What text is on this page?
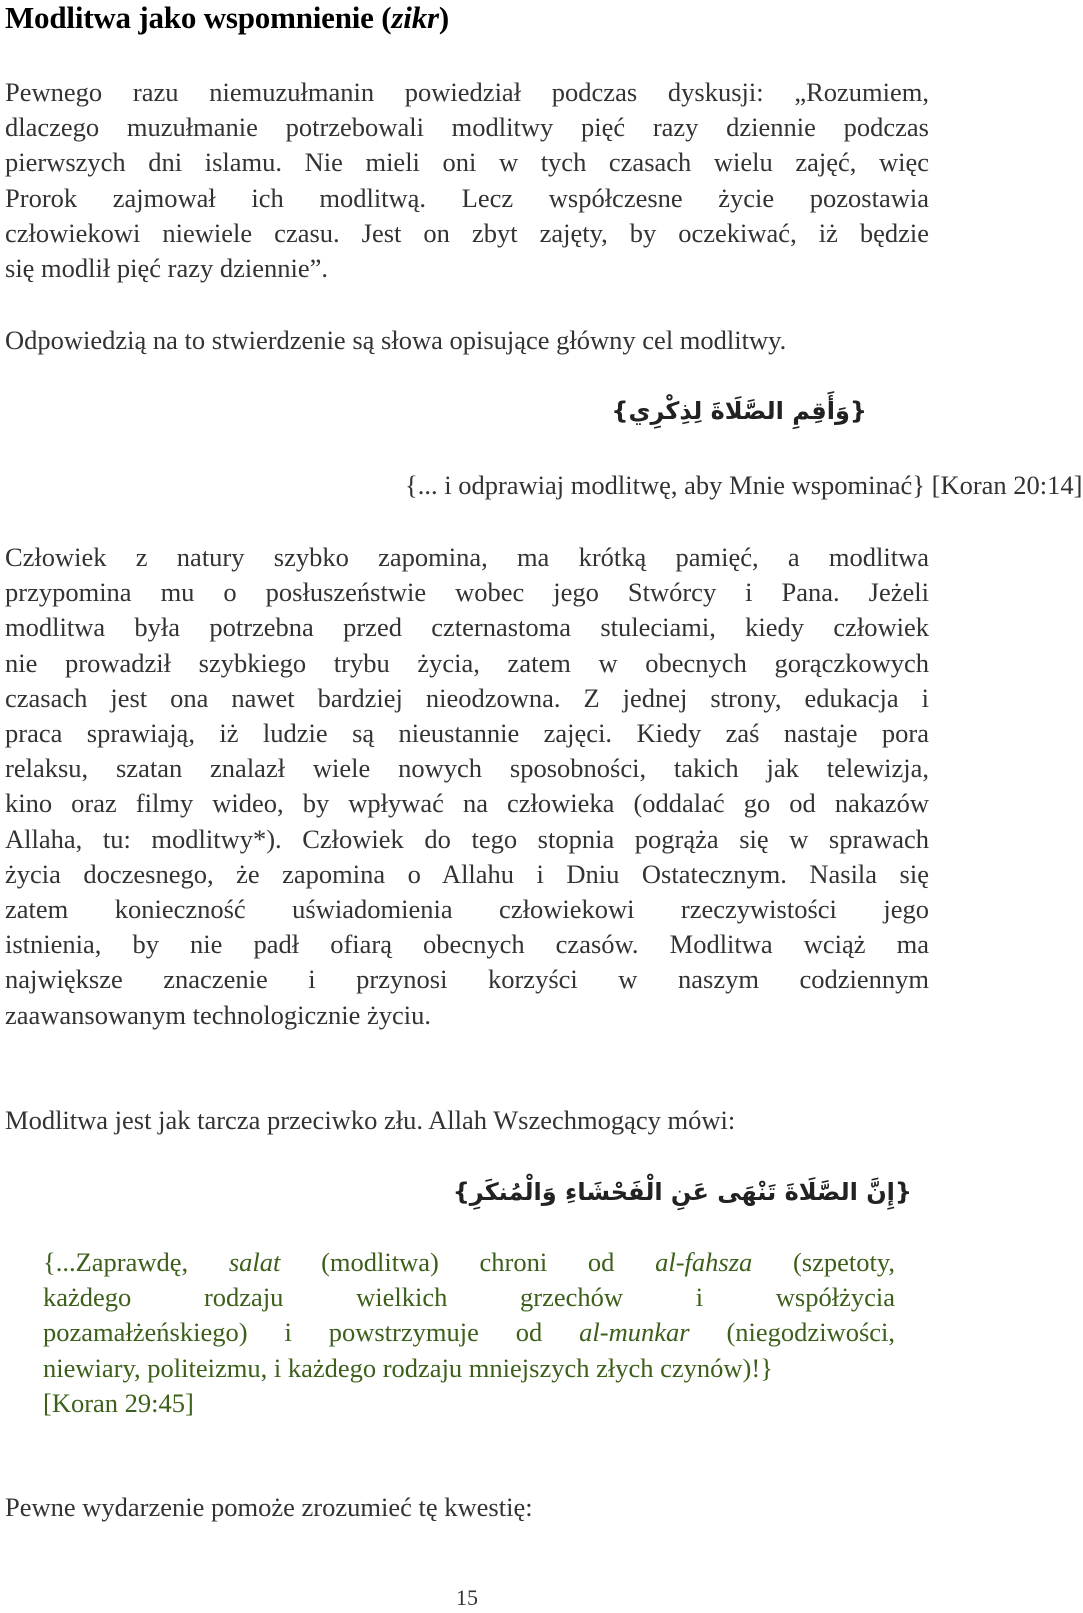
Modlitwa jako wspomnienie (zikr)
Pewnego razu niemuzułmanin powiedział podczas dyskusji: „Rozumiem,
dlaczego muzułmanie potrzebowali modlitwy pięć razy dziennie podczas
pierwszych dni islamu. Nie mieli oni w tych czasach wielu zajęć, więc
Prorok zajmował ich modlitwą. Lecz współczesne życie pozostawia
człowiekowi niewiele czasu. Jest on zbyt zajęty, by oczekiwać, iż będzie
się modlił pięć razy dziennie”.
Odpowiedzią na to stwierdzenie są słowa opisujące główny cel modlitwy.
{وَأَقِمِ الصَّلَاةَ لِذِكْرِي}
{... i odprawiaj modlitwę, aby Mnie wspominać} [Koran 20:14]
Człowiek z natury szybko zapomina, ma krótką pamięć, a modlitwa
przypomina mu o posłuszeństwie wobec jego Stwórcy i Pana. Jeżeli
modlitwa była potrzebna przed czternastoma stuleciami, kiedy człowiek
nie prowadził szybkiego trybu życia, zatem w obecnych gorączkowych
czasach jest ona nawet bardziej nieodzowna. Z jednej strony, edukacja i
praca sprawiają, iż ludzie są nieustannie zajęci. Kiedy zaś nastaje pora
relaksu, szatan znalazł wiele nowych sposobności, takich jak telewizja,
kino oraz filmy wideo, by wpływać na człowieka (oddalać go od nakazów
Allaha, tu: modlitwy*). Człowiek do tego stopnia pogrąża się w sprawach
życia doczesnego, że zapomina o Allahu i Dniu Ostatecznym. Nasila się
zatem konieczność uświadomienia człowiekowi rzeczywistości jego
istnienia, by nie padł ofiarą obecnych czasów. Modlitwa wciąż ma
największe znaczenie i przynosi korzyści w naszym codziennym
zaawansowanym technologicznie życiu.
Modlitwa jest jak tarcza przeciwko złu. Allah Wszechmogący mówi:
{إِنَّ الصَّلَاةَ تَنْهَى عَنِ الْفَحْشَاءِ وَالْمُنكَرِ}
{...Zaprawdę, salat (modlitwa) chroni od al-fahsza (szpetoty,
każdego rodzaju wielkich grzechów i współżycia
pozamałżeńskiego) i powstrzymuje od al-munkar (niegodziwości,
niewiary, politeizmu, i każdego rodzaju mniejszych złych czynów)!}
[Koran 29:45]
Pewne wydarzenie pomoże zrozumieć tę kwestię:
15
